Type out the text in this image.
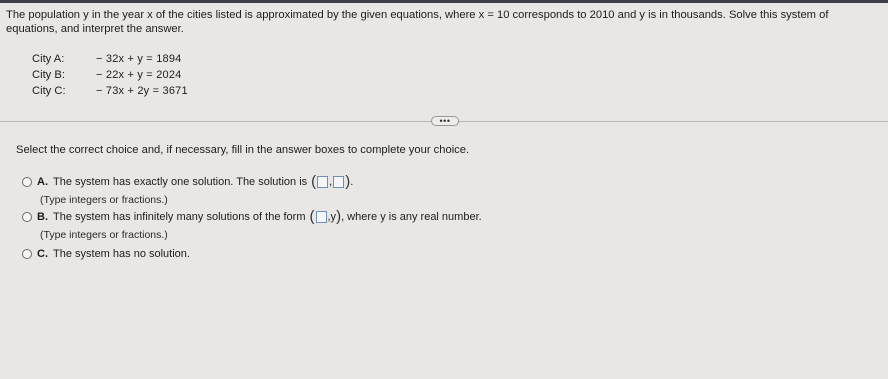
The population y in the year x of the cities listed is approximated by the given equations, where x = 10 corresponds to 2010 and y is in thousands. Solve this system of equations, and interpret the answer.
City A:	− 32x + y = 1894
City B:	− 22x + y = 2024
City C:	− 73x + 2y = 3671
•••
Select the correct choice and, if necessary, fill in the answer boxes to complete your choice.
A. The system has exactly one solution. The solution is ( , ).
(Type integers or fractions.)
B. The system has infinitely many solutions of the form ( ,y) , where y is any real number.
(Type integers or fractions.)
C. The system has no solution.
